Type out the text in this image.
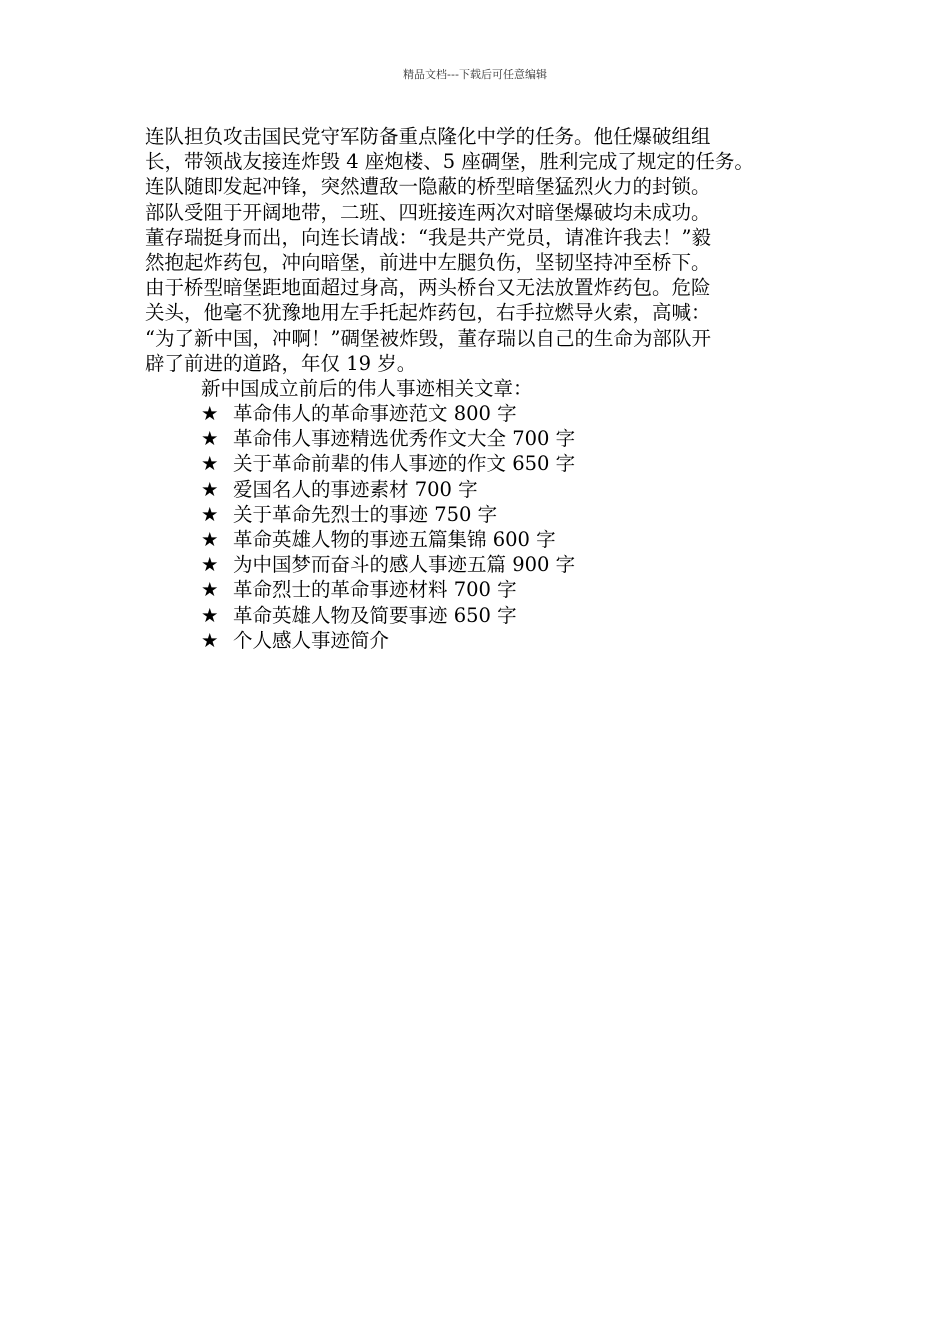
精品文档---下载后可任意编辑
连队担负攻击国民党守军防备重点隆化中学的任务。他任爆破组组
长，带领战友接连炸毁 4 座炮楼、5 座碉堡，胜利完成了规定的任务。
连队随即发起冲锋，突然遭敌一隐蔽的桥型暗堡猛烈火力的封锁。
部队受阻于开阔地带，二班、四班接连两次对暗堡爆破均未成功。
董存瑞挺身而出，向连长请战：“我是共产党员，请准许我去！”毅
然抱起炸药包，冲向暗堡，前进中左腿负伤，坚韧坚持冲至桥下。
由于桥型暗堡距地面超过身高，两头桥台又无法放置炸药包。危险
关头，他毫不犹豫地用左手托起炸药包，右手拉燃导火索，高喊：
“为了新中国，冲啊！”碉堡被炸毁，董存瑞以自己的生命为部队开
辟了前进的道路，年仅 19 岁。
新中国成立前后的伟人事迹相关文章：
★ 革命伟人的革命事迹范文 800 字
★ 革命伟人事迹精选优秀作文大全 700 字
★ 关于革命前辈的伟人事迹的作文 650 字
★ 爱国名人的事迹素材 700 字
★ 关于革命先烈士的事迹 750 字
★ 革命英雄人物的事迹五篇集锦 600 字
★ 为中国梦而奋斗的感人事迹五篇 900 字
★ 革命烈士的革命事迹材料 700 字
★ 革命英雄人物及简要事迹 650 字
★ 个人感人事迹简介
